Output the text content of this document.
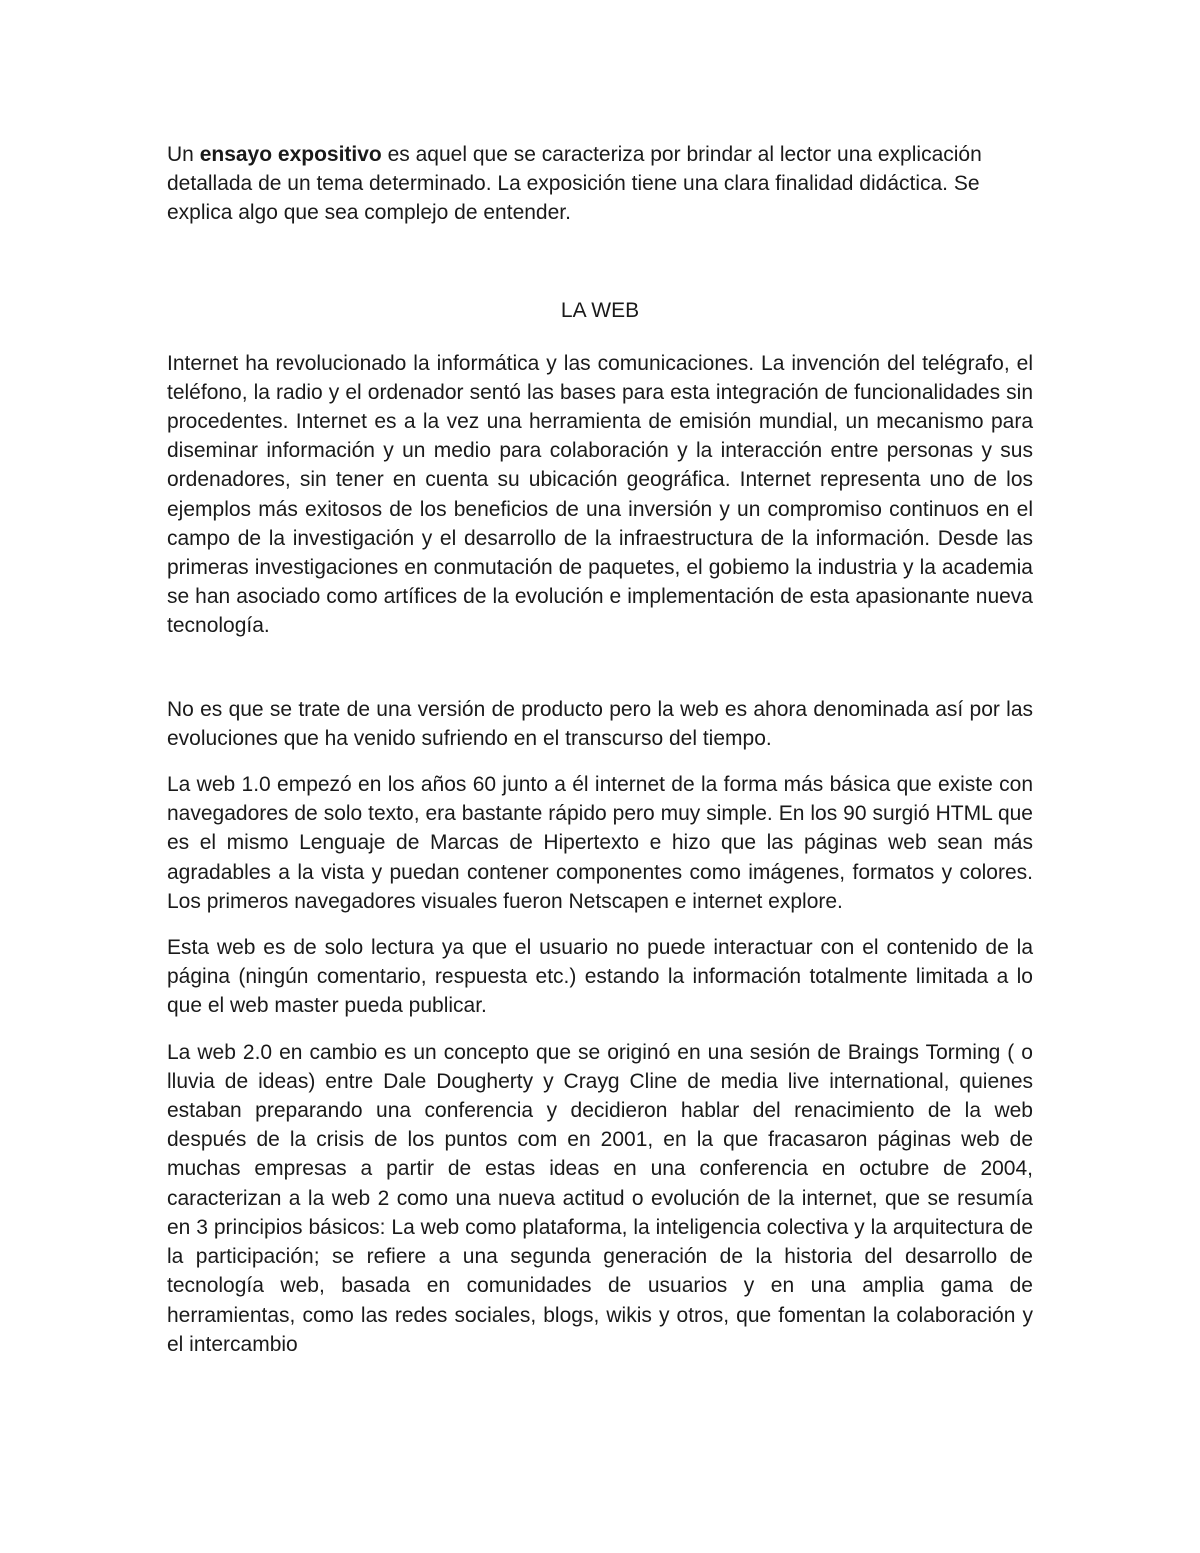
Un ensayo expositivo es aquel que se caracteriza por brindar al lector una explicación detallada de un tema determinado. La exposición tiene una clara finalidad didáctica. Se explica algo que sea complejo de entender.

LA WEB

Internet ha revolucionado la informática y las comunicaciones. La invención del telégrafo, el teléfono, la radio y el ordenador sentó las bases para esta integración de funcionalidades sin procedentes. Internet es a la vez una herramienta de emisión mundial, un mecanismo para diseminar información y un medio para colaboración y la interacción entre personas y sus ordenadores, sin tener en cuenta su ubicación geográfica. Internet representa uno de los ejemplos más exitosos de los beneficios de una inversión y un compromiso continuos en el campo de la investigación y el desarrollo de la infraestructura de la información. Desde las primeras investigaciones en conmutación de paquetes, el gobiemo la industria y la academia se han asociado como artífices de la evolución e implementación de esta apasionante nueva tecnología.

No es que se trate de una versión de producto pero la web es ahora denominada así por las evoluciones que ha venido sufriendo en el transcurso del tiempo.

La web 1.0 empezó en los años 60 junto a él internet de la forma más básica que existe con navegadores de solo texto, era bastante rápido pero muy simple. En los 90 surgió HTML que es el mismo Lenguaje de Marcas de Hipertexto e hizo que las páginas web sean más agradables a la vista y puedan contener componentes como imágenes, formatos y colores. Los primeros navegadores visuales fueron Netscapen e internet explore.

Esta web es de solo lectura ya que el usuario no puede interactuar con el contenido de la página (ningún comentario, respuesta etc.) estando la información totalmente limitada a lo que el web master pueda publicar.

La web 2.0 en cambio es un concepto que se originó en una sesión de Braings Torming ( o lluvia de ideas) entre Dale Dougherty y Crayg Cline de media live international, quienes estaban preparando una conferencia y decidieron hablar del renacimiento de la web después de la crisis de los puntos com en 2001, en la que fracasaron páginas web de muchas empresas a partir de estas ideas en una conferencia en octubre de 2004, caracterizan a la web 2 como una nueva actitud o evolución de la internet, que se resumía en 3 principios básicos: La web como plataforma, la inteligencia colectiva y la arquitectura de la participación; se refiere a una segunda generación de la historia del desarrollo de tecnología web, basada en comunidades de usuarios y en una amplia gama de herramientas, como las redes sociales, blogs, wikis y otros, que fomentan la colaboración y el intercambio
